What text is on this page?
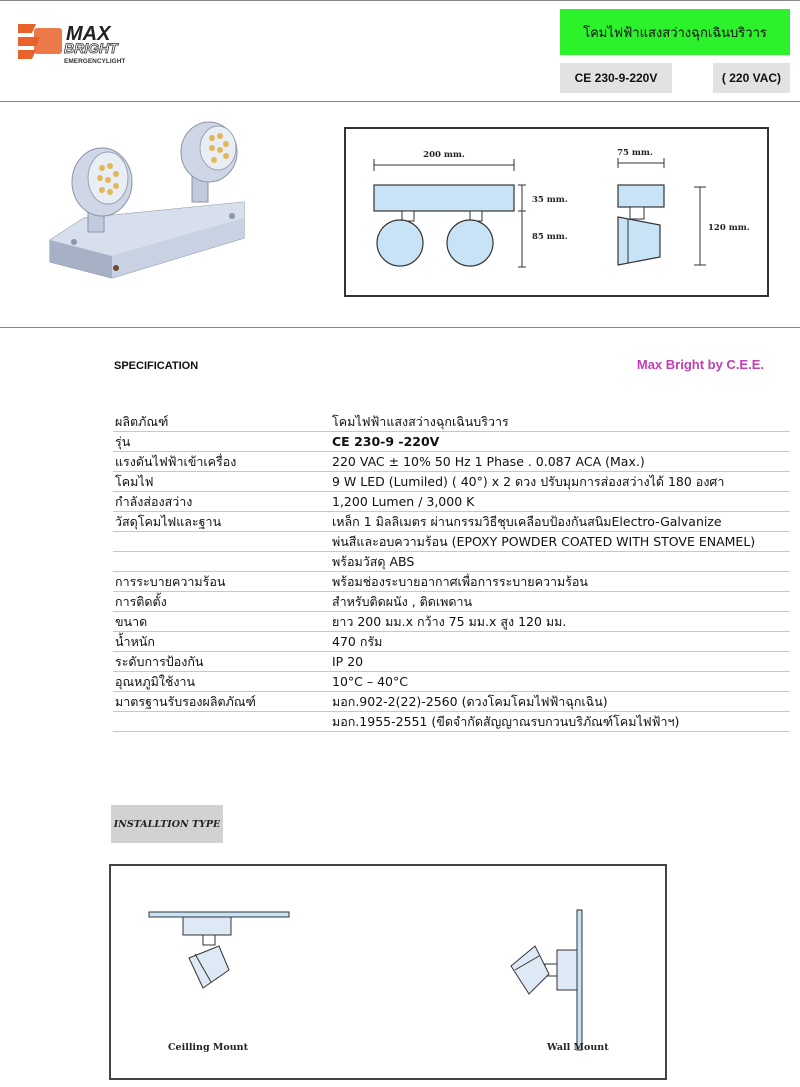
MAX
BRIGHT
EMERGENCYLIGHT
โคมไฟฟ้าแสงสว่างฉุกเฉินบริวาร
CE 230-9-220V	( 220 VAC)
200 mm.
35 mm.
85 mm.
75 mm.
120 mm.
SPECIFICATION	Max Bright by C.E.E.
ผลิตภัณฑ์	โคมไฟฟ้าแสงสว่างฉุกเฉินบริวาร
รุ่น	CE 230-9 -220V
แรงดันไฟฟ้าเข้าเครื่อง	220 VAC ± 10% 50 Hz 1 Phase . 0.087 ACA (Max.)
โคมไฟ	9 W LED (Lumiled) ( 40°) x 2 ดวง ปรับมุมการส่องสว่างได้ 180 องศา
กำลังส่องสว่าง	1,200 Lumen / 3,000 K
วัสดุโคมไฟและฐาน	เหล็ก 1 มิลลิเมตร ผ่านกรรมวิธีชุบเคลือบป้องกันสนิมElectro-Galvanize
พ่นสีและอบความร้อน (EPOXY POWDER COATED WITH STOVE ENAMEL)
พร้อมวัสดุ ABS
การระบายความร้อน	พร้อมช่องระบายอากาศเพื่อการระบายความร้อน
การติดตั้ง	สำหรับติดผนัง , ติดเพดาน
ขนาด	ยาว 200 มม.x กว้าง 75 มม.x สูง 120 มม.
น้ำหนัก	470 กรัม
ระดับการป้องกัน	IP 20
อุณหภูมิใช้งาน	10°C – 40°C
มาตรฐานรับรองผลิตภัณฑ์	มอก.902-2(22)-2560 (ดวงโคมโคมไฟฟ้าฉุกเฉิน)
มอก.1955-2551 (ขีดจำกัดสัญญาณรบกวนบริภัณฑ์โคมไฟฟ้าฯ)
INSTALLTION TYPE
Ceilling Mount	Wall Mount
